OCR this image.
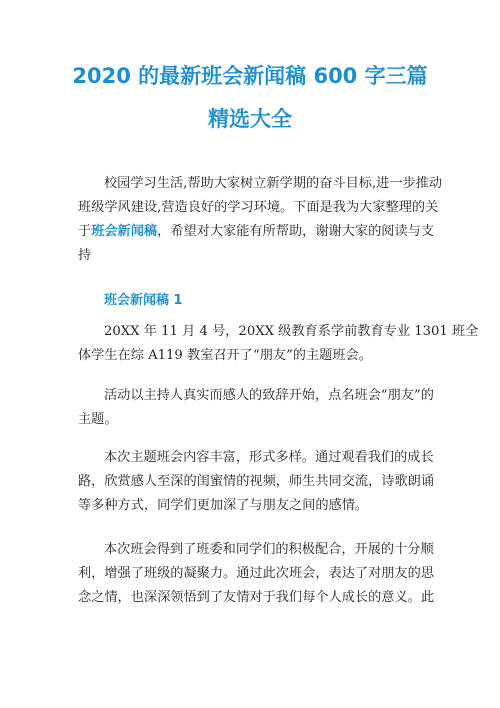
2020 的最新班会新闻稿 600 字三篇
精选大全
校园学习生活,帮助大家树立新学期的奋斗目标,进一步推动
班级学风建设,营造良好的学习环境。下面是我为大家整理的关
于班会新闻稿，希望对大家能有所帮助，谢谢大家的阅读与支
持
班会新闻稿 1
20XX 年 11 月 4 号，20XX 级教育系学前教育专业 1301 班全
体学生在综 A119 教室召开了“朋友”的主题班会。
活动以主持人真实而感人的致辞开始，点名班会“朋友”的
主题。
本次主题班会内容丰富，形式多样。通过观看我们的成长
路，欣赏感人至深的闺蜜情的视频，师生共同交流，诗歌朗诵
等多种方式，同学们更加深了与朋友之间的感情。
本次班会得到了班委和同学们的积极配合，开展的十分顺
利，增强了班级的凝聚力。通过此次班会，表达了对朋友的思
念之情，也深深领悟到了友情对于我们每个人成长的意义。此
